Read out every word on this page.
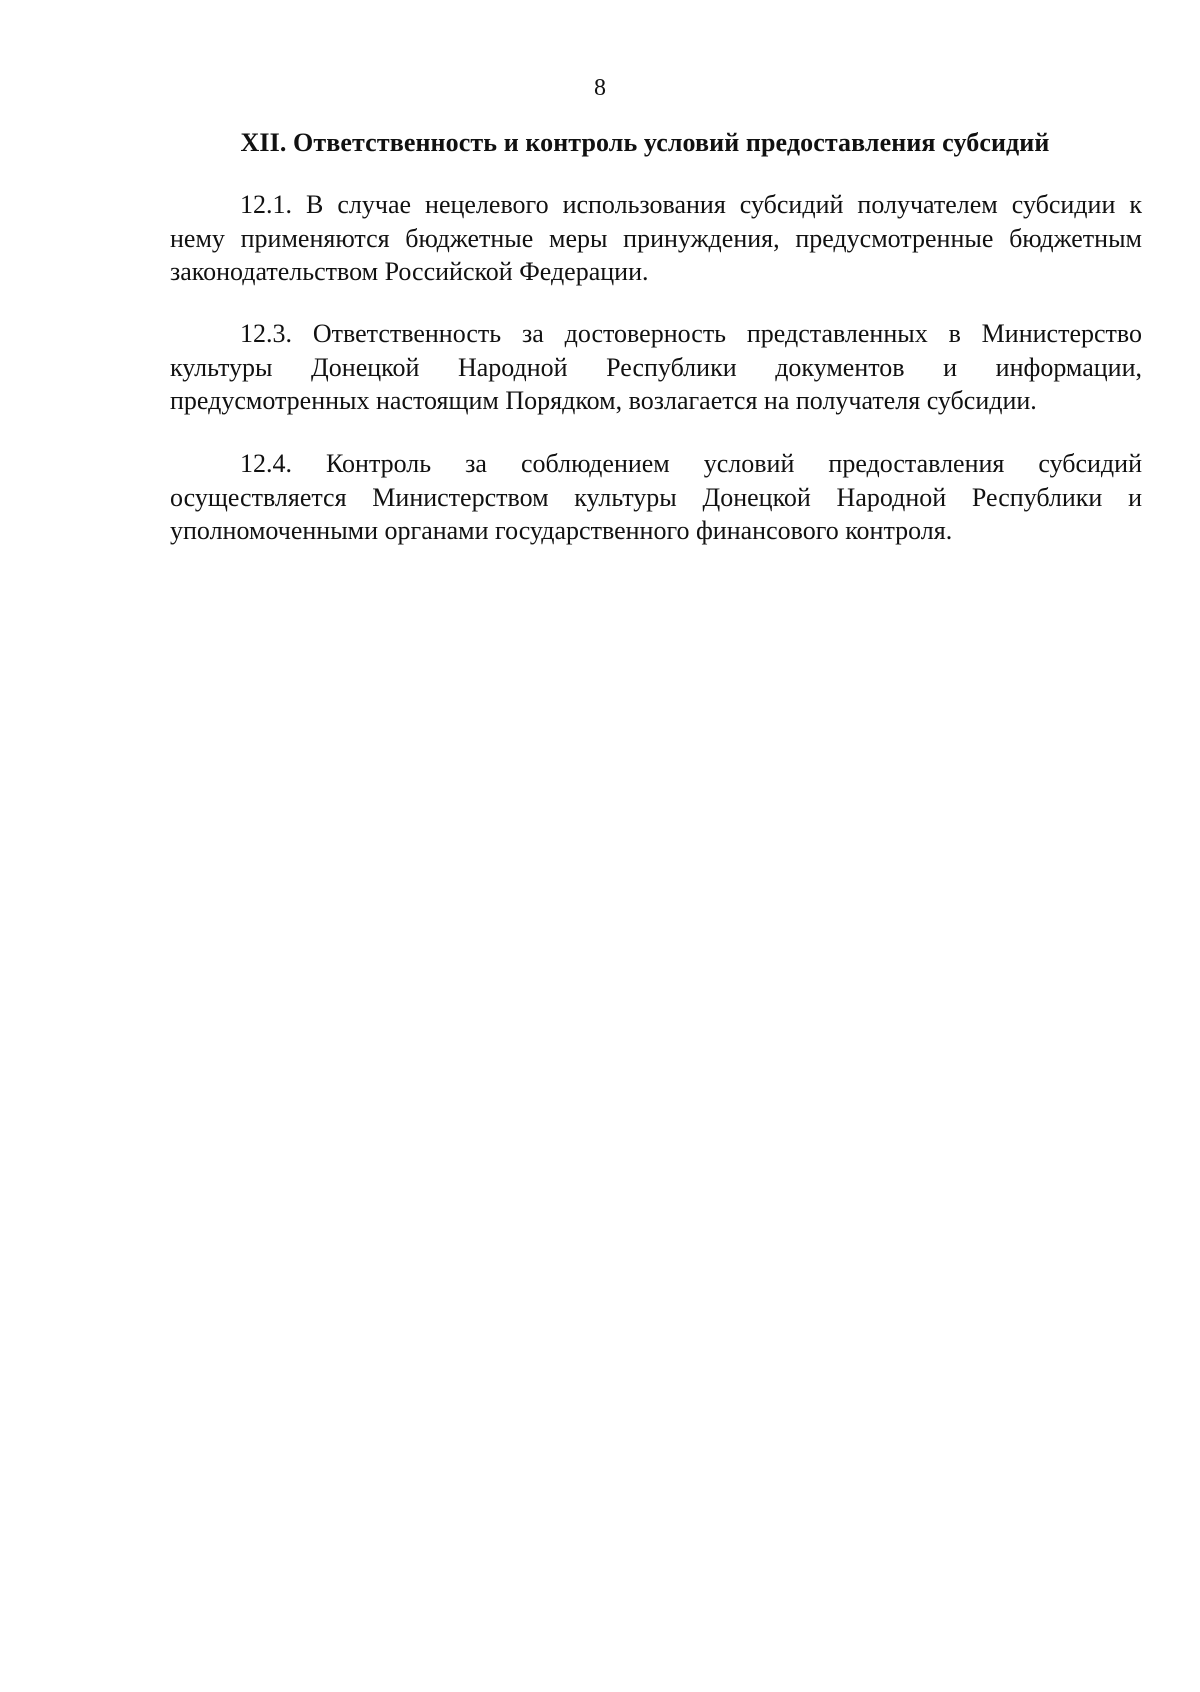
8
XII. Ответственность и контроль условий предоставления субсидий

12.1. В случае нецелевого использования субсидий получателем субсидии к нему применяются бюджетные меры принуждения, предусмотренные бюджетным законодательством Российской Федерации.

12.3. Ответственность за достоверность представленных в Министерство культуры Донецкой Народной Республики документов и информации, предусмотренных настоящим Порядком, возлагается на получателя субсидии.

12.4. Контроль за соблюдением условий предоставления субсидий осуществляется Министерством культуры Донецкой Народной Республики и уполномоченными органами государственного финансового контроля.
